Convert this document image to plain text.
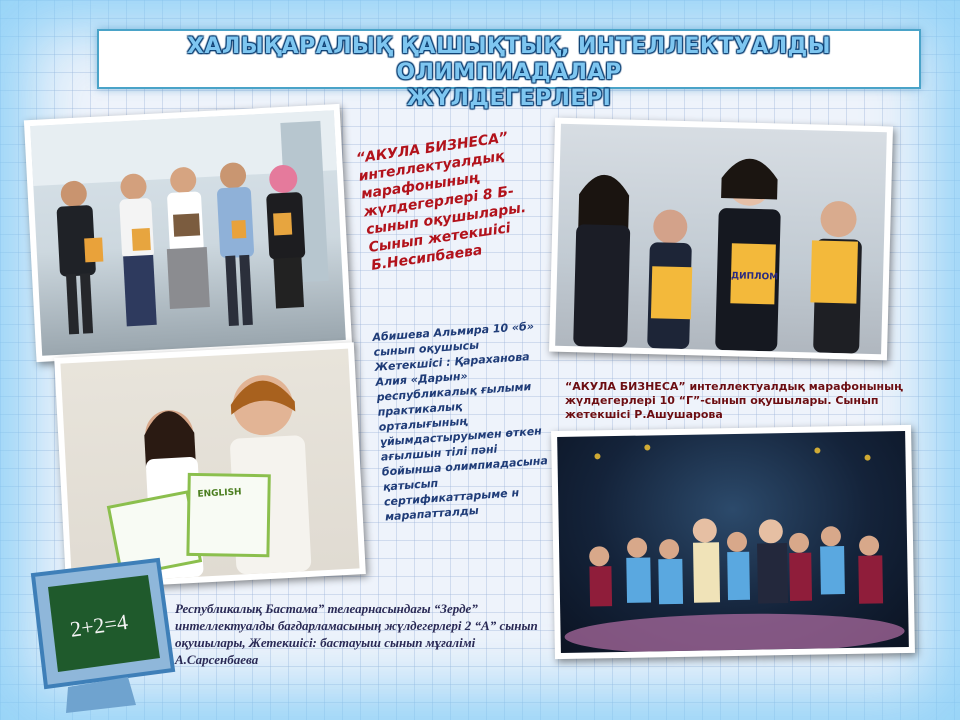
ХАЛЫҚАРАЛЫҚ ҚАШЫҚТЫҚ, ИНТЕЛЛЕКТУАЛДЫ ОЛИМПИАДАЛАР
ЖҮЛДЕГЕРЛЕРІ
“АКУЛА БИЗНЕСА” интеллектуалдық марафонының жүлдегерлері 8 Б- сынып оқушылары. Сынып жетекшісі Б.Несипбаева
ДИПЛОМ
ENGLISH
Абишева Альмира 10 «б» сынып оқушысы Жетекшісі : Қараханова Алия «Дарын» республикалық ғылыми практикалық орталығының ұйымдастыруымен өткен ағылшын тілі пәні бойынша олимпиадасына қатысып сертификаттарыме н марапатталды
“АКУЛА БИЗНЕСА” интеллектуалдық марафонының жүлдегерлері 10 “Г”-сынып оқушылары. Сынып жетекшісі Р.Ашушарова
2+2=4
Республикалық Бастама” телеарнасындағы “Зерде” интеллектуалды бағдарламасының жүлдегерлері 2 “А” сынып оқушылары, Жетекшісі: бастауыш сынып мұғалімі А.Сарсенбаева
